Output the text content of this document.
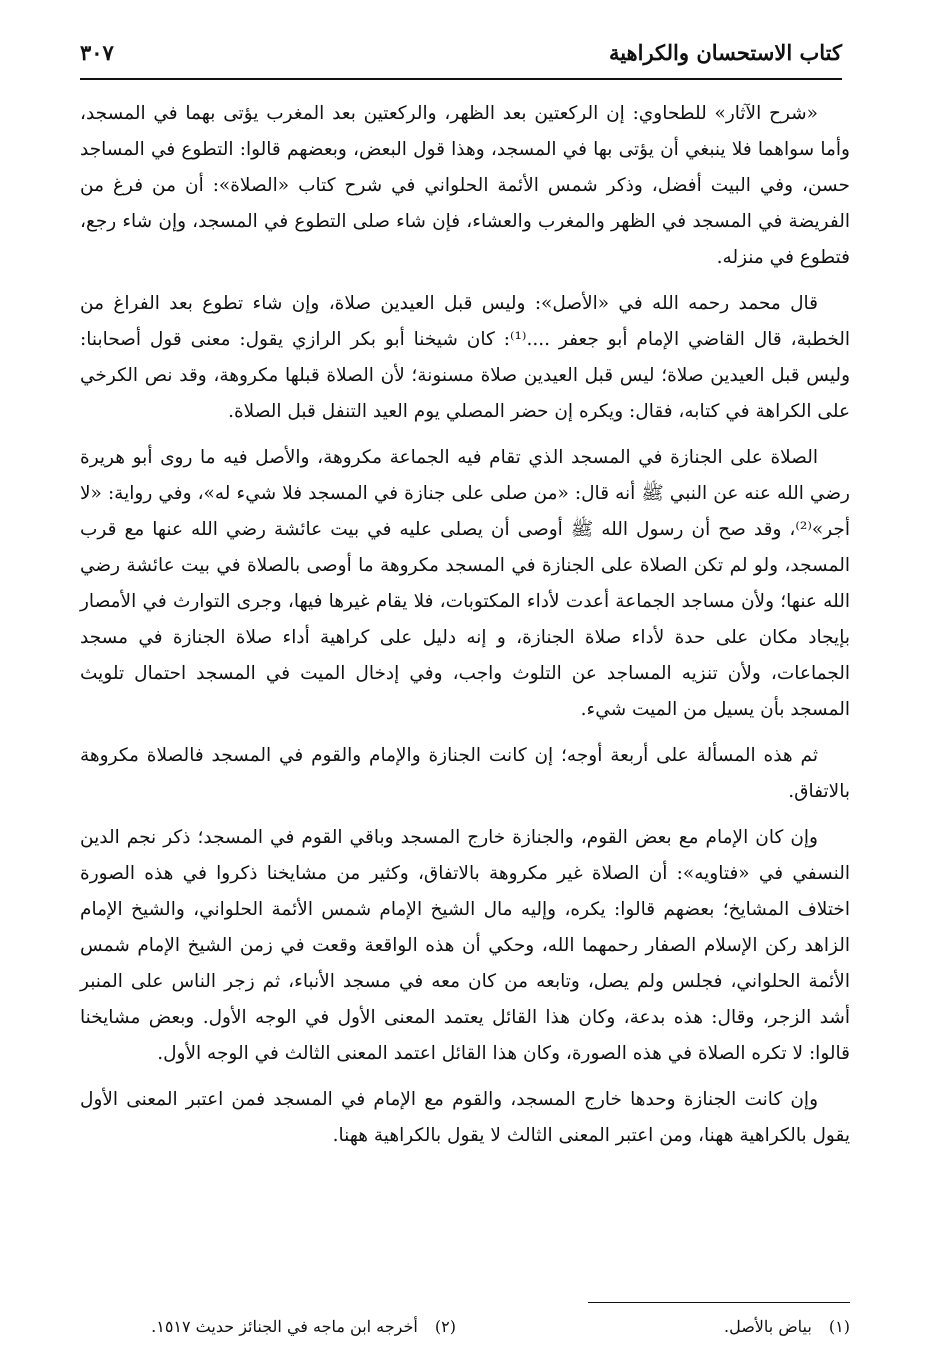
كتاب الاستحسان والكراهية
٣٠٧

«شرح الآثار» للطحاوي: إن الركعتين بعد الظهر، والركعتين بعد المغرب يؤتى بهما في المسجد، وأما سواهما فلا ينبغي أن يؤتى بها في المسجد، وهذا قول البعض، وبعضهم قالوا: التطوع في المساجد حسن، وفي البيت أفضل، وذكر شمس الأئمة الحلواني في شرح كتاب «الصلاة»: أن من فرغ من الفريضة في المسجد في الظهر والمغرب والعشاء، فإن شاء صلى التطوع في المسجد، وإن شاء رجع، فتطوع في منزله.

قال محمد رحمه الله في «الأصل»: وليس قبل العيدين صلاة، وإن شاء تطوع بعد الفراغ من الخطبة، قال القاضي الإمام أبو جعفر ....⁽¹⁾: كان شيخنا أبو بكر الرازي يقول: معنى قول أصحابنا: وليس قبل العيدين صلاة؛ ليس قبل العيدين صلاة مسنونة؛ لأن الصلاة قبلها مكروهة، وقد نص الكرخي على الكراهة في كتابه، فقال: ويكره إن حضر المصلي يوم العيد التنفل قبل الصلاة.

الصلاة على الجنازة في المسجد الذي تقام فيه الجماعة مكروهة، والأصل فيه ما روى أبو هريرة رضي الله عنه عن النبي ﷺ أنه قال: «من صلى على جنازة في المسجد فلا شيء له»، وفي رواية: «لا أجر»⁽²⁾، وقد صح أن رسول الله ﷺ أوصى أن يصلى عليه في بيت عائشة رضي الله عنها مع قرب المسجد، ولو لم تكن الصلاة على الجنازة في المسجد مكروهة ما أوصى بالصلاة في بيت عائشة رضي الله عنها؛ ولأن مساجد الجماعة أعدت لأداء المكتوبات، فلا يقام غيرها فيها، وجرى التوارث في الأمصار بإيجاد مكان على حدة لأداء صلاة الجنازة، و إنه دليل على كراهية أداء صلاة الجنازة في مسجد الجماعات، ولأن تنزيه المساجد عن التلوث واجب، وفي إدخال الميت في المسجد احتمال تلويث المسجد بأن يسيل من الميت شيء.

ثم هذه المسألة على أربعة أوجه؛ إن كانت الجنازة والإمام والقوم في المسجد فالصلاة مكروهة بالاتفاق.

وإن كان الإمام مع بعض القوم، والجنازة خارج المسجد وباقي القوم في المسجد؛ ذكر نجم الدين النسفي في «فتاويه»: أن الصلاة غير مكروهة بالاتفاق، وكثير من مشايخنا ذكروا في هذه الصورة اختلاف المشايخ؛ بعضهم قالوا: يكره، وإليه مال الشيخ الإمام شمس الأئمة الحلواني، والشيخ الإمام الزاهد ركن الإسلام الصفار رحمهما الله، وحكي أن هذه الواقعة وقعت في زمن الشيخ الإمام شمس الأئمة الحلواني، فجلس ولم يصل، وتابعه من كان معه في مسجد الأنباء، ثم زجر الناس على المنبر أشد الزجر، وقال: هذه بدعة، وكان هذا القائل يعتمد المعنى الأول في الوجه الأول. وبعض مشايخنا قالوا: لا تكره الصلاة في هذه الصورة، وكان هذا القائل اعتمد المعنى الثالث في الوجه الأول.

وإن كانت الجنازة وحدها خارج المسجد، والقوم مع الإمام في المسجد فمن اعتبر المعنى الأول يقول بالكراهية ههنا، ومن اعتبر المعنى الثالث لا يقول بالكراهية ههنا.

(١) بياض بالأصل.
(٢) أخرجه ابن ماجه في الجنائز حديث ١٥١٧.
